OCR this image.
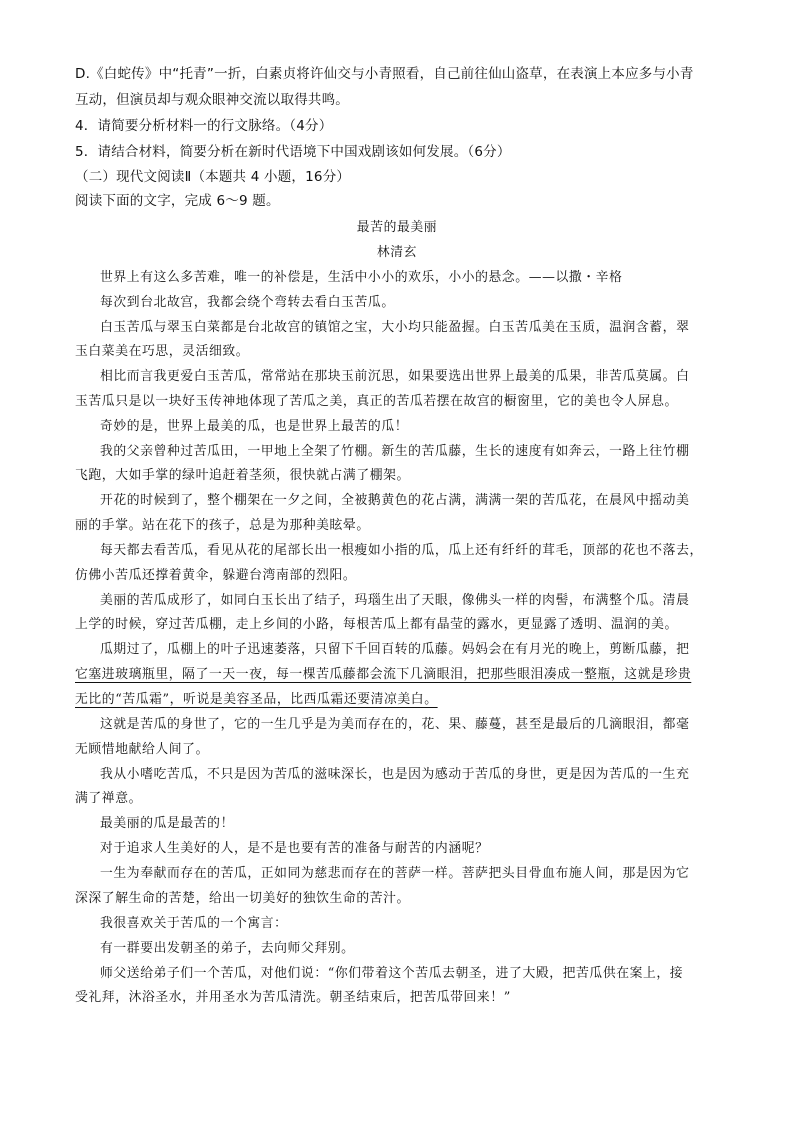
D.《白蛇传》中“托青”一折，白素贞将许仙交与小青照看，自己前往仙山盗草，在表演上本应多与小青
互动，但演员却与观众眼神交流以取得共鸣。
4．请简要分析材料一的行文脉络。（4分）
5．请结合材料，简要分析在新时代语境下中国戏剧该如何发展。（6分）
（二）现代文阅读Ⅱ（本题共 4 小题，16分）
阅读下面的文字，完成 6～9 题。
最苦的最美丽
林清玄
世界上有这么多苦难，唯一的补偿是，生活中小小的欢乐，小小的悬念。——以撒・辛格
每次到台北故宫，我都会绕个弯转去看白玉苦瓜。
白玉苦瓜与翠玉白菜都是台北故宫的镇馆之宝，大小均只能盈握。白玉苦瓜美在玉质，温润含蓄，翠
玉白菜美在巧思，灵活细致。
相比而言我更爱白玉苦瓜，常常站在那块玉前沉思，如果要选出世界上最美的瓜果，非苦瓜莫属。白
玉苦瓜只是以一块好玉传神地体现了苦瓜之美，真正的苦瓜若摆在故宫的橱窗里，它的美也令人屏息。
奇妙的是，世界上最美的瓜，也是世界上最苦的瓜！
我的父亲曾种过苦瓜田，一甲地上全架了竹棚。新生的苦瓜藤，生长的速度有如奔云，一路上往竹棚
飞跑，大如手掌的绿叶追赶着茎须，很快就占满了棚架。
开花的时候到了，整个棚架在一夕之间，全被鹅黄色的花占满，满满一架的苦瓜花，在晨风中摇动美
丽的手掌。站在花下的孩子，总是为那种美眩晕。
每天都去看苦瓜，看见从花的尾部长出一根瘦如小指的瓜，瓜上还有纤纤的茸毛，顶部的花也不落去，
仿佛小苦瓜还撑着黄伞，躲避台湾南部的烈阳。
美丽的苦瓜成形了，如同白玉长出了结子，玛瑙生出了天眼，像佛头一样的肉髻，布满整个瓜。清晨
上学的时候，穿过苦瓜棚，走上乡间的小路，每根苦瓜上都有晶莹的露水，更显露了透明、温润的美。
瓜期过了，瓜棚上的叶子迅速萎落，只留下千回百转的瓜藤。妈妈会在有月光的晚上，剪断瓜藤，把
它塞进玻璃瓶里，隔了一天一夜，每一棵苦瓜藤都会流下几滴眼泪，把那些眼泪凑成一整瓶，这就是珍贵
无比的“苦瓜霜”，听说是美容圣品，比西瓜霜还要清凉美白。
这就是苦瓜的身世了，它的一生几乎是为美而存在的，花、果、藤蔓，甚至是最后的几滴眼泪，都毫
无顾惜地献给人间了。
我从小嗜吃苦瓜，不只是因为苦瓜的滋味深长，也是因为感动于苦瓜的身世，更是因为苦瓜的一生充
满了禅意。
最美丽的瓜是最苦的！
对于追求人生美好的人，是不是也要有苦的准备与耐苦的内涵呢？
一生为奉献而存在的苦瓜，正如同为慈悲而存在的菩萨一样。菩萨把头目骨血布施人间，那是因为它
深深了解生命的苦楚，给出一切美好的独饮生命的苦汁。
我很喜欢关于苦瓜的一个寓言：
有一群要出发朝圣的弟子，去向师父拜别。
师父送给弟子们一个苦瓜，对他们说：“你们带着这个苦瓜去朝圣，进了大殿，把苦瓜供在案上，接
受礼拜，沐浴圣水，并用圣水为苦瓜清洗。朝圣结束后，把苦瓜带回来！”
